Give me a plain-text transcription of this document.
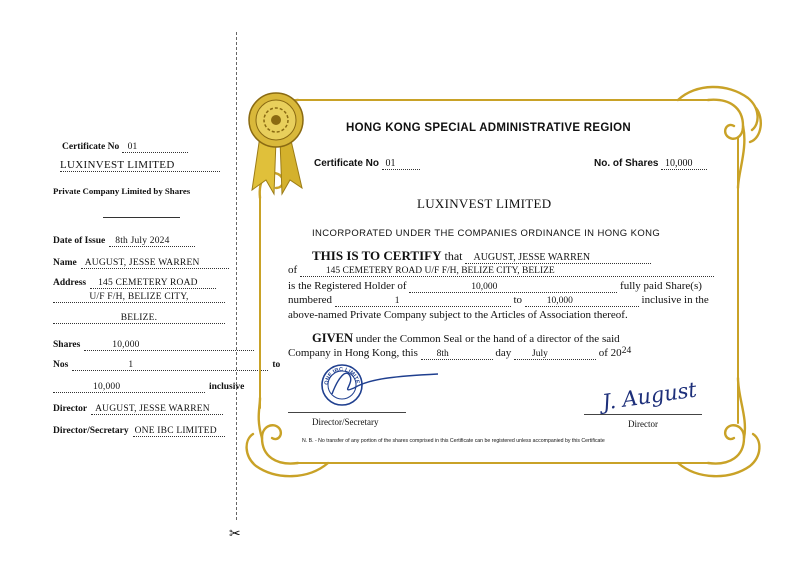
Certificate No 01
LUXINVEST LIMITED
Private Company Limited by Shares
Date of Issue 8th July 2024
Name AUGUST, JESSE WARREN
Address 145 CEMETERY ROAD
U/F F/H, BELIZE CITY,
BELIZE.
Shares	10,000
Nos	1	to
10,000	inclusive
Director AUGUST, JESSE WARREN
Director/Secretary ONE IBC LIMITED
✂
HONG KONG SPECIAL ADMINISTRATIVE REGION
Certificate No 01	No. of Shares 10,000
LUXINVEST LIMITED
INCORPORATED UNDER THE COMPANIES ORDINANCE IN HONG KONG
THIS IS TO CERTIFY that AUGUST, JESSE WARREN
of	145 CEMETERY ROAD U/F F/H, BELIZE CITY, BELIZE
is the Registered Holder of	10,000	fully paid Share(s)
numbered	1	to	10,000	inclusive in the
above-named Private Company subject to the Articles of Association thereof.
GIVEN under the Common Seal or the hand of a director of the said
Company in Hong Kong, this 8th	day July	of 2024
ONE IBC LIMITE
Director/Secretary
J. August
Director
N. B. - No transfer of any portion of the shares comprised in this Certificate can be registered unless accompanied by this Certificate
